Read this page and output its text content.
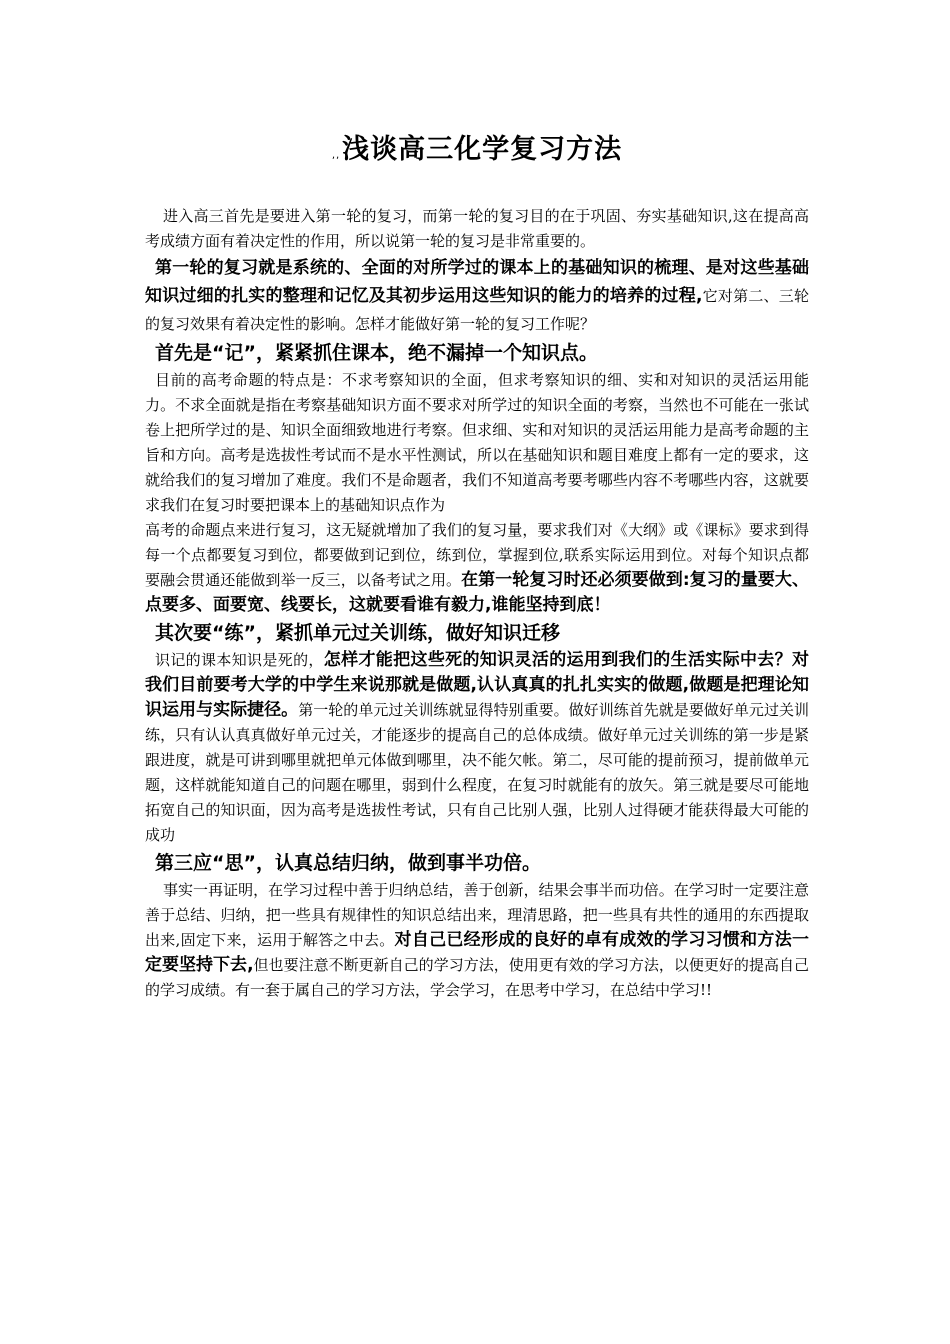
,,浅谈高三化学复习方法

进入高三首先是要进入第一轮的复习，而第一轮的复习目的在于巩固、夯实基础知识,这在提高高考成绩方面有着决定性的作用，所以说第一轮的复习是非常重要的。

第一轮的复习就是系统的、全面的对所学过的课本上的基础知识的梳理、是对这些基础知识过细的扎实的整理和记忆及其初步运用这些知识的能力的培养的过程,它对第二、三轮的复习效果有着决定性的影响。怎样才能做好第一轮的复习工作呢？

首先是“记”，紧紧抓住课本，绝不漏掉一个知识点。

目前的高考命题的特点是：不求考察知识的全面，但求考察知识的细、实和对知识的灵活运用能力。不求全面就是指在考察基础知识方面不要求对所学过的知识全面的考察，当然也不可能在一张试卷上把所学过的是、知识全面细致地进行考察。但求细、实和对知识的灵活运用能力是高考命题的主旨和方向。高考是选拔性考试而不是水平性测试，所以在基础知识和题目难度上都有一定的要求，这就给我们的复习增加了难度。我们不是命题者，我们不知道高考要考哪些内容不考哪些内容，这就要求我们在复习时要把课本上的基础知识点作为

高考的命题点来进行复习，这无疑就增加了我们的复习量，要求我们对《大纲》或《课标》要求到得每一个点都要复习到位，都要做到记到位，练到位，掌握到位,联系实际运用到位。对每个知识点都要融会贯通还能做到举一反三，以备考试之用。在第一轮复习时还必须要做到:复习的量要大、点要多、面要宽、线要长，这就要看谁有毅力,谁能坚持到底！

其次要“练”，紧抓单元过关训练，做好知识迁移

识记的课本知识是死的，怎样才能把这些死的知识灵活的运用到我们的生活实际中去？对我们目前要考大学的中学生来说那就是做题,认认真真的扎扎实实的做题,做题是把理论知识运用与实际捷径。第一轮的单元过关训练就显得特别重要。做好训练首先就是要做好单元过关训练，只有认认真真做好单元过关，才能逐步的提高自己的总体成绩。做好单元过关训练的第一步是紧跟进度，就是可讲到哪里就把单元体做到哪里，决不能欠帐。第二，尽可能的提前预习，提前做单元题，这样就能知道自己的问题在哪里，弱到什么程度，在复习时就能有的放矢。第三就是要尽可能地拓宽自己的知识面，因为高考是选拔性考试，只有自己比别人强，比别人过得硬才能获得最大可能的成功

第三应“思”，认真总结归纳，做到事半功倍。

事实一再证明，在学习过程中善于归纳总结，善于创新，结果会事半而功倍。在学习时一定要注意善于总结、归纳，把一些具有规律性的知识总结出来，理清思路，把一些具有共性的通用的东西提取出来,固定下来，运用于解答之中去。对自己已经形成的良好的卓有成效的学习习惯和方法一定要坚持下去,但也要注意不断更新自己的学习方法，使用更有效的学习方法，以便更好的提高自己的学习成绩。有一套于属自己的学习方法，学会学习，在思考中学习，在总结中学习!!
